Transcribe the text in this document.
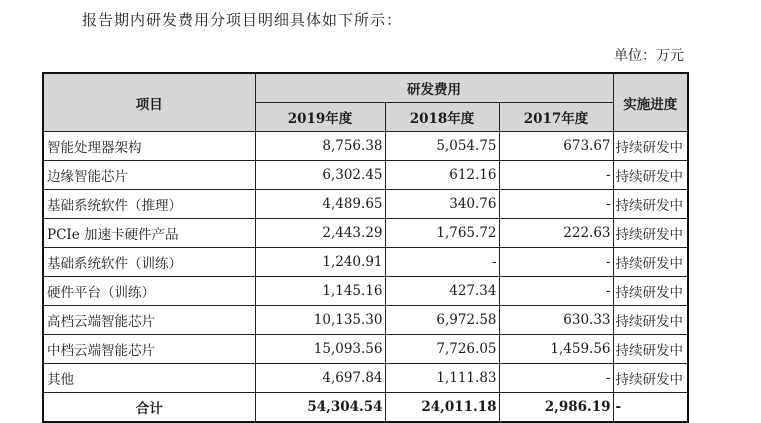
报告期内研发费用分项目明细具体如下所示：
单位：万元
项目	研发费用			实施进度
	2019年度	2018年度	2017年度	
智能处理器架构	8,756.38	5,054.75	673.67	持续研发中
边缘智能芯片	6,302.45	612.16	-	持续研发中
基础系统软件（推理）	4,489.65	340.76	-	持续研发中
PCIe 加速卡硬件产品	2,443.29	1,765.72	222.63	持续研发中
基础系统软件（训练）	1,240.91	-	-	持续研发中
硬件平台（训练）	1,145.16	427.34	-	持续研发中
高档云端智能芯片	10,135.30	6,972.58	630.33	持续研发中
中档云端智能芯片	15,093.56	7,726.05	1,459.56	持续研发中
其他	4,697.84	1,111.83	-	持续研发中
合计	54,304.54	24,011.18	2,986.19	-
